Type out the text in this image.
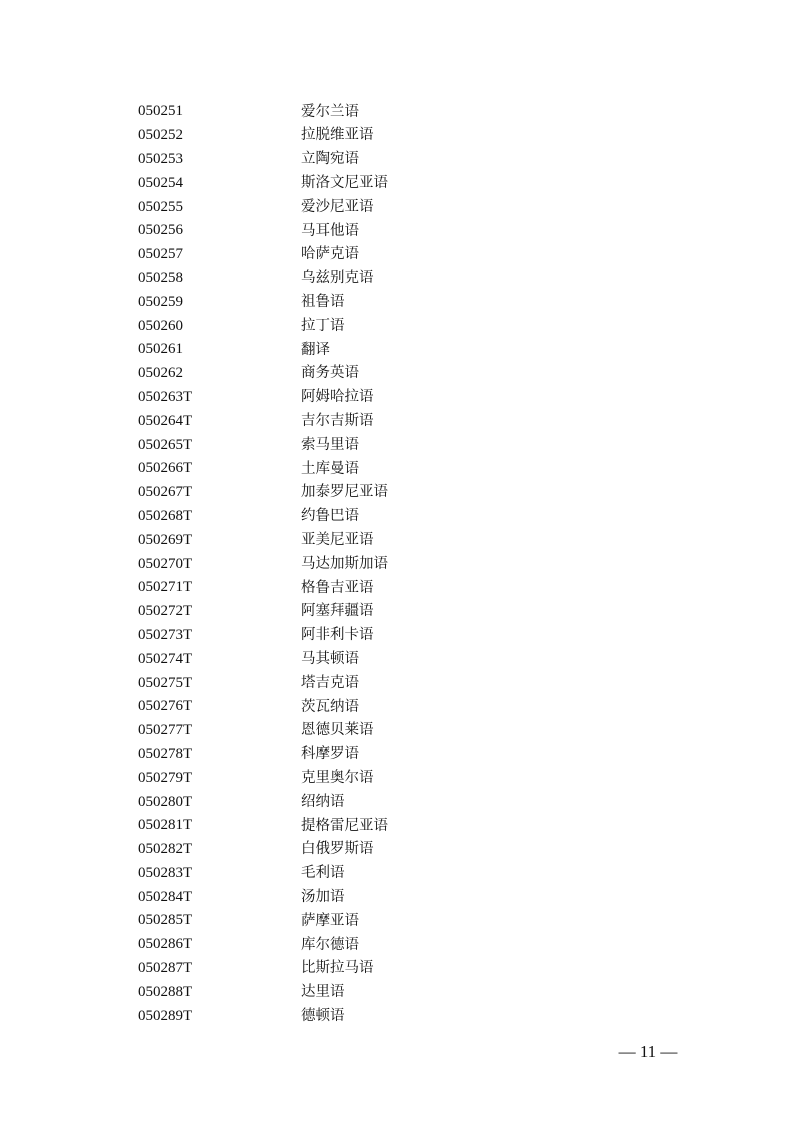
050251	爱尔兰语
050252	拉脱维亚语
050253	立陶宛语
050254	斯洛文尼亚语
050255	爱沙尼亚语
050256	马耳他语
050257	哈萨克语
050258	乌兹别克语
050259	祖鲁语
050260	拉丁语
050261	翻译
050262	商务英语
050263T	阿姆哈拉语
050264T	吉尔吉斯语
050265T	索马里语
050266T	土库曼语
050267T	加泰罗尼亚语
050268T	约鲁巴语
050269T	亚美尼亚语
050270T	马达加斯加语
050271T	格鲁吉亚语
050272T	阿塞拜疆语
050273T	阿非利卡语
050274T	马其顿语
050275T	塔吉克语
050276T	茨瓦纳语
050277T	恩德贝莱语
050278T	科摩罗语
050279T	克里奥尔语
050280T	绍纳语
050281T	提格雷尼亚语
050282T	白俄罗斯语
050283T	毛利语
050284T	汤加语
050285T	萨摩亚语
050286T	库尔德语
050287T	比斯拉马语
050288T	达里语
050289T	德顿语
— 11 —
